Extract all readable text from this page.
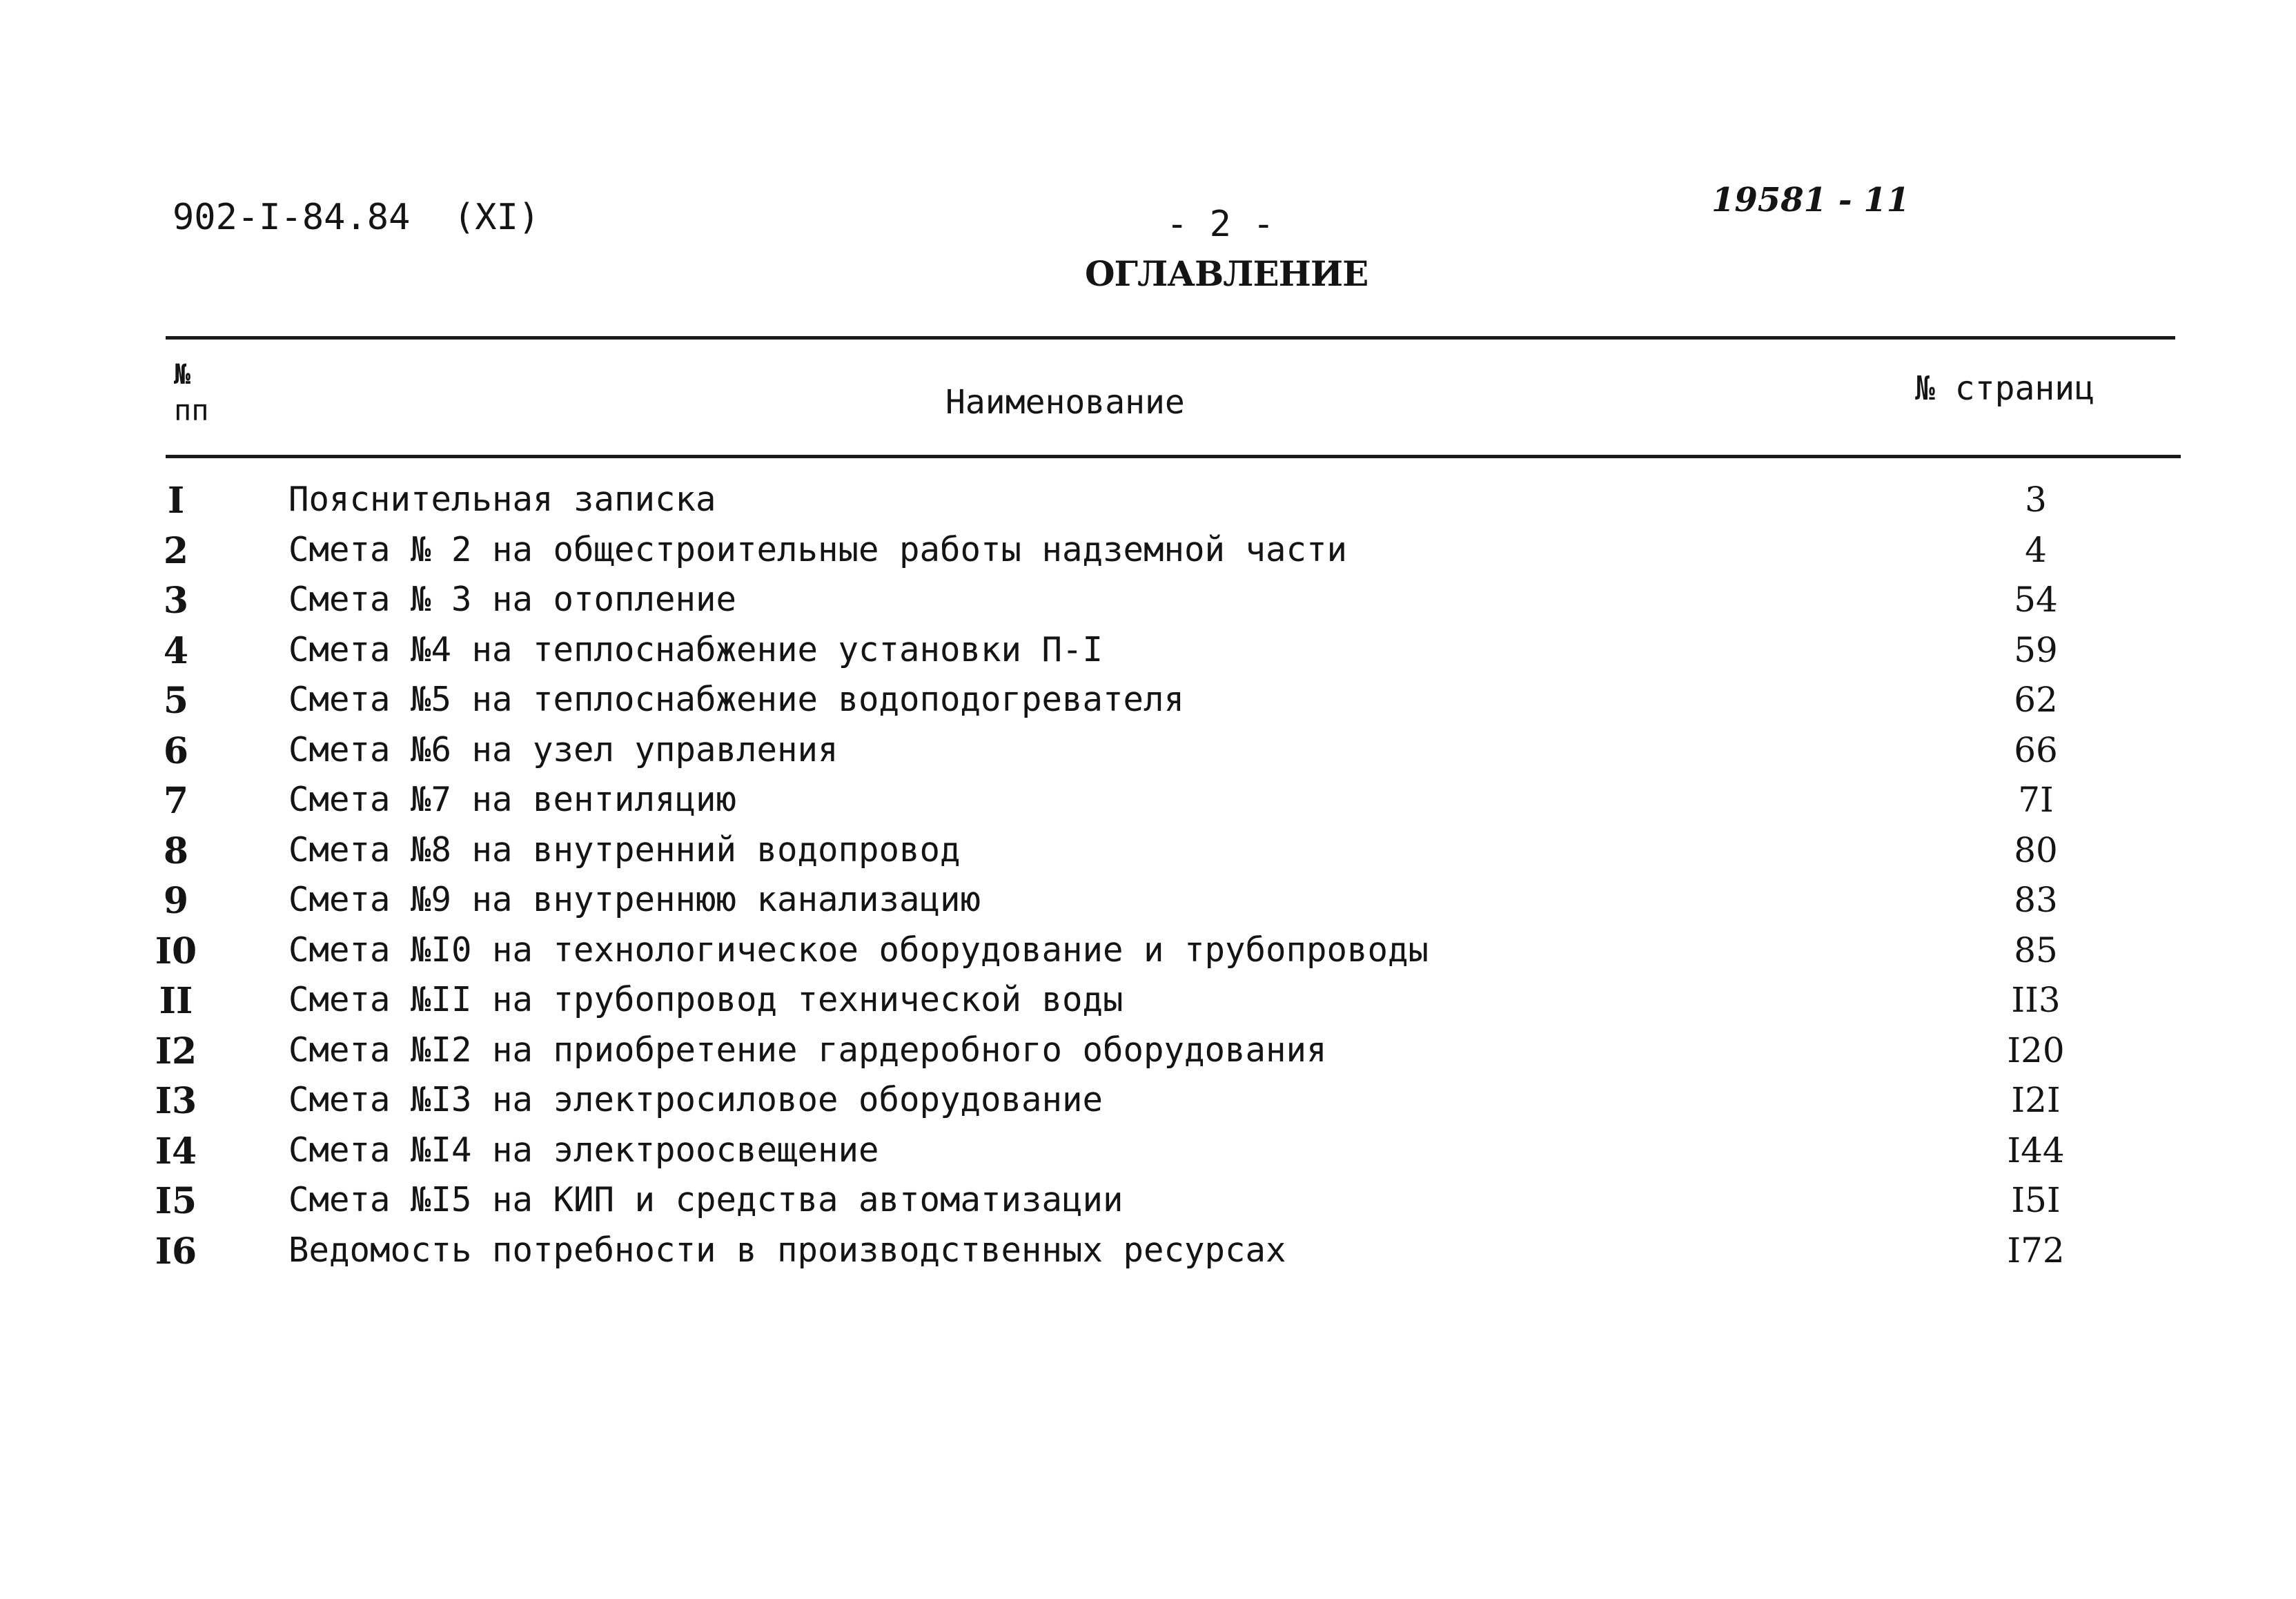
902-I-84.84  (XI)	- 2 -
19581 - 11
ОГЛАВЛЕНИЕ
№
пп	Наименование	№ страниц
I	Пояснительная записка	3
2	Смета № 2 на общестроительные работы надземной части	4
3	Смета № 3 на отопление	54
4	Смета №4 на теплоснабжение установки П-I	59
5	Смета №5 на теплоснабжение водоподогревателя	62
6	Смета №6 на узел управления	66
7	Смета №7 на вентиляцию	7I
8	Смета №8 на внутренний водопровод	80
9	Смета №9 на внутреннюю канализацию	83
I0	Смета №I0 на технологическое оборудование и трубопроводы	85
II	Смета №II на трубопровод технической воды	II3
I2	Смета №I2 на приобретение гардеробного оборудования	I20
I3	Смета №I3 на электросиловое оборудование	I2I
I4	Смета №I4 на электроосвещение	I44
I5	Смета №I5 на КИП и средства автоматизации	I5I
I6	Ведомость потребности в производственных ресурсах	I72
